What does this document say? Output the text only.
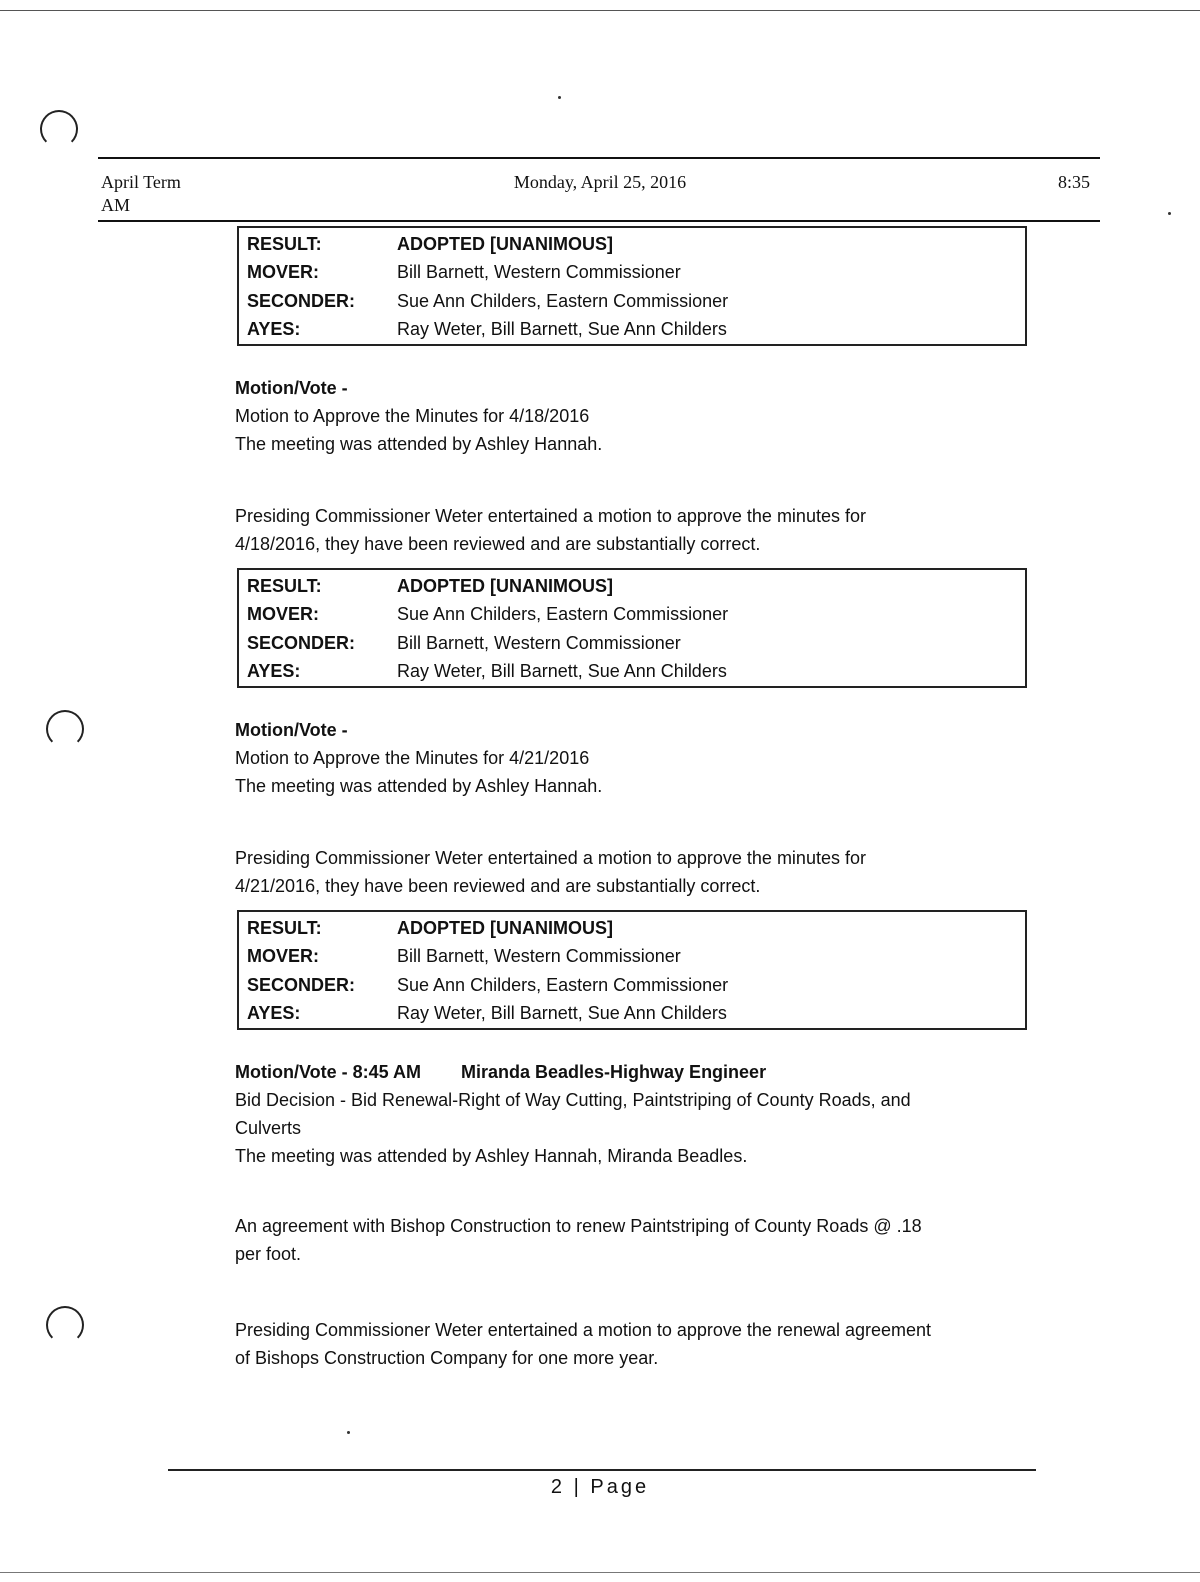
April Term
AM
Monday, April 25, 2016	8:35
RESULT:	ADOPTED [UNANIMOUS]
MOVER:	Bill Barnett, Western Commissioner
SECONDER:	Sue Ann Childers, Eastern Commissioner
AYES:	Ray Weter, Bill Barnett, Sue Ann Childers
Motion/Vote -
Motion to Approve the Minutes for 4/18/2016
The meeting was attended by Ashley Hannah.
Presiding Commissioner Weter entertained a motion to approve the minutes for
4/18/2016, they have been reviewed and are substantially correct.
RESULT:	ADOPTED [UNANIMOUS]
MOVER:	Sue Ann Childers, Eastern Commissioner
SECONDER:	Bill Barnett, Western Commissioner
AYES:	Ray Weter, Bill Barnett, Sue Ann Childers
Motion/Vote -
Motion to Approve the Minutes for 4/21/2016
The meeting was attended by Ashley Hannah.
Presiding Commissioner Weter entertained a motion to approve the minutes for
4/21/2016, they have been reviewed and are substantially correct.
RESULT:	ADOPTED [UNANIMOUS]
MOVER:	Bill Barnett, Western Commissioner
SECONDER:	Sue Ann Childers, Eastern Commissioner
AYES:	Ray Weter, Bill Barnett, Sue Ann Childers
Motion/Vote - 8:45 AM Miranda Beadles-Highway Engineer
Bid Decision - Bid Renewal-Right of Way Cutting, Paintstriping of County Roads, and
Culverts
The meeting was attended by Ashley Hannah, Miranda Beadles.
An agreement with Bishop Construction to renew Paintstriping of County Roads @ .18
per foot.
Presiding Commissioner Weter entertained a motion to approve the renewal agreement
of Bishops Construction Company for one more year.
2 | Page
